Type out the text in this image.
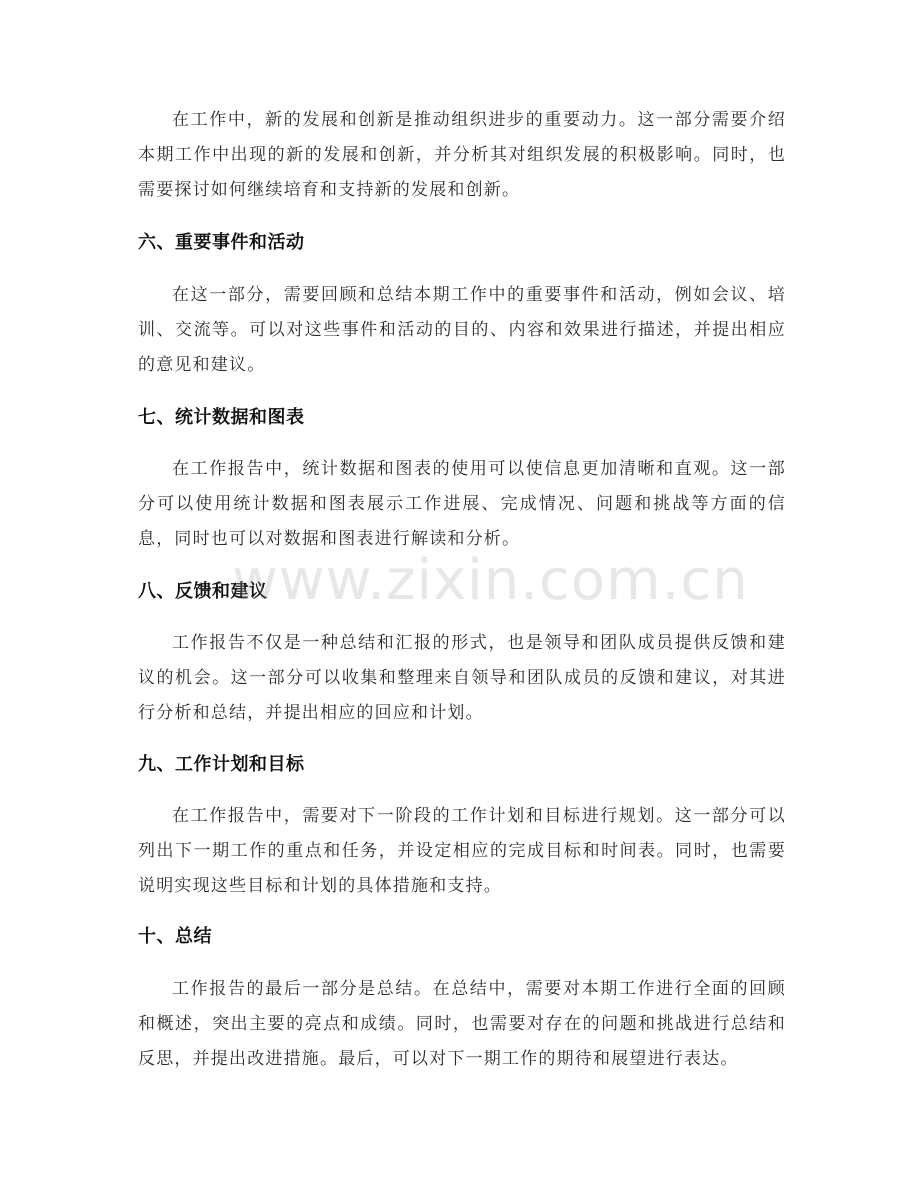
在工作中，新的发展和创新是推动组织进步的重要动力。这一部分需要介绍本期工作中出现的新的发展和创新，并分析其对组织发展的积极影响。同时，也需要探讨如何继续培育和支持新的发展和创新。

六、重要事件和活动

在这一部分，需要回顾和总结本期工作中的重要事件和活动，例如会议、培训、交流等。可以对这些事件和活动的目的、内容和效果进行描述，并提出相应的意见和建议。

七、统计数据和图表

在工作报告中，统计数据和图表的使用可以使信息更加清晰和直观。这一部分可以使用统计数据和图表展示工作进展、完成情况、问题和挑战等方面的信息，同时也可以对数据和图表进行解读和分析。

八、反馈和建议

工作报告不仅是一种总结和汇报的形式，也是领导和团队成员提供反馈和建议的机会。这一部分可以收集和整理来自领导和团队成员的反馈和建议，对其进行分析和总结，并提出相应的回应和计划。

九、工作计划和目标

在工作报告中，需要对下一阶段的工作计划和目标进行规划。这一部分可以列出下一期工作的重点和任务，并设定相应的完成目标和时间表。同时，也需要说明实现这些目标和计划的具体措施和支持。

十、总结

工作报告的最后一部分是总结。在总结中，需要对本期工作进行全面的回顾和概述，突出主要的亮点和成绩。同时，也需要对存在的问题和挑战进行总结和反思，并提出改进措施。最后，可以对下一期工作的期待和展望进行表达。

www.zixin.com.cn
